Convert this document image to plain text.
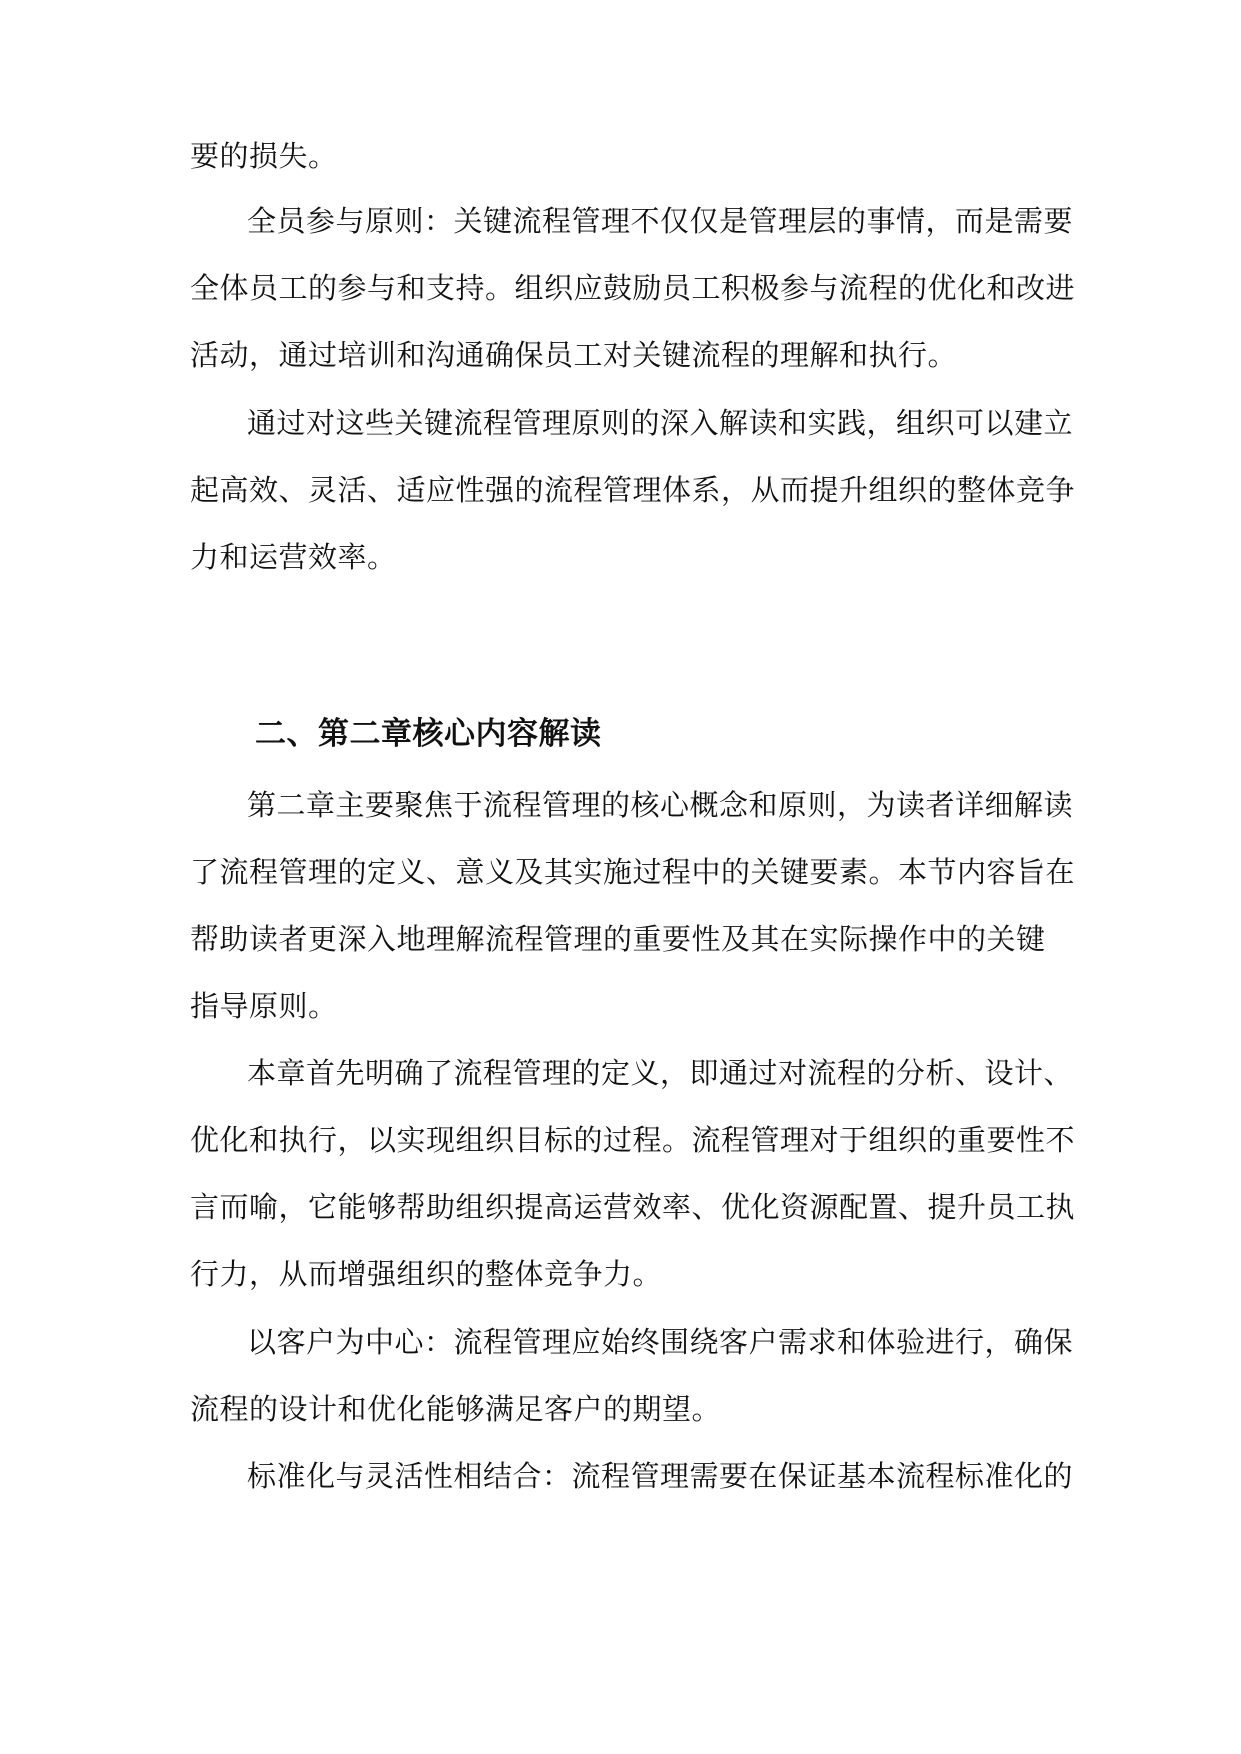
要的损失。
全员参与原则：关键流程管理不仅仅是管理层的事情，而是需要
全体员工的参与和支持。组织应鼓励员工积极参与流程的优化和改进
活动，通过培训和沟通确保员工对关键流程的理解和执行。
通过对这些关键流程管理原则的深入解读和实践，组织可以建立
起高效、灵活、适应性强的流程管理体系，从而提升组织的整体竞争
力和运营效率。
二、第二章核心内容解读
第二章主要聚焦于流程管理的核心概念和原则，为读者详细解读
了流程管理的定义、意义及其实施过程中的关键要素。本节内容旨在
帮助读者更深入地理解流程管理的重要性及其在实际操作中的关键
指导原则。
本章首先明确了流程管理的定义，即通过对流程的分析、设计、
优化和执行，以实现组织目标的过程。流程管理对于组织的重要性不
言而喻，它能够帮助组织提高运营效率、优化资源配置、提升员工执
行力，从而增强组织的整体竞争力。
以客户为中心：流程管理应始终围绕客户需求和体验进行，确保
流程的设计和优化能够满足客户的期望。
标准化与灵活性相结合：流程管理需要在保证基本流程标准化的
